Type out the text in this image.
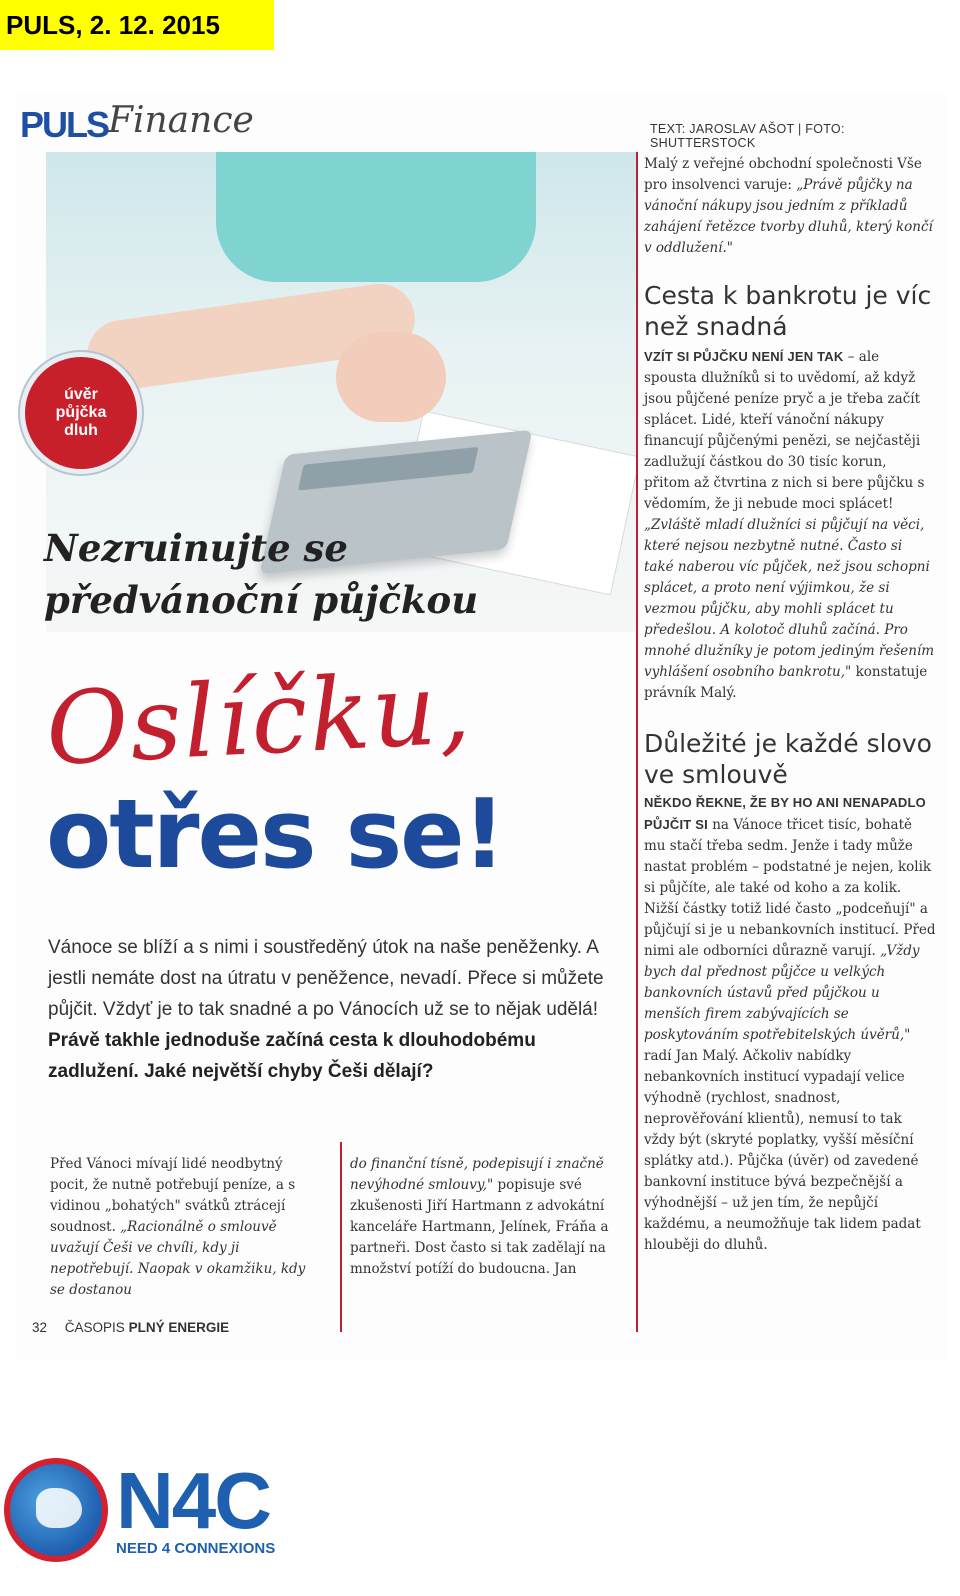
PULS, 2. 12. 2015
PULS Finance	TEXT: JAROSLAV AŠOT | FOTO: SHUTTERSTOCK
úvěr
půjčka
dluh
Nezruinujte se
předvánoční půjčkou
Oslíčku,
otřes se!
Vánoce se blíží a s nimi i soustředěný útok na naše peněženky. A jestli nemáte dost na útratu v peněžence, nevadí. Přece si můžete půjčit. Vždyť je to tak snadné a po Vánocích už se to nějak udělá! Právě takhle jednoduše začíná cesta k dlouhodobému zadlužení. Jaké největší chyby Češi dělají?
Před Vánoci mívají lidé neodbytný pocit, že nutně potřebují peníze, a s vidinou „bohatých" svátků ztrácejí soudnost. „Racionálně o smlouvě uvažují Češi ve chvíli, kdy ji nepotřebují. Naopak v okamžiku, kdy se dostanou
do finanční tísně, podepisují i značně nevýhodné smlouvy," popisuje své zkušenosti Jiří Hartmann z advokátní kanceláře Hartmann, Jelínek, Fráňa a partneři. Dost často si tak zadělají na množství potíží do budoucna. Jan
Malý z veřejné obchodní společnosti Vše pro insolvenci varuje: „Právě půjčky na vánoční nákupy jsou jedním z příkladů zahájení řetězce tvorby dluhů, který končí v oddlužení."
Cesta k bankrotu je víc než snadná
VZÍT SI PŮJČKU NENÍ JEN TAK – ale spousta dlužníků si to uvědomí, až když jsou půjčené peníze pryč a je třeba začít splácet. Lidé, kteří vánoční nákupy financují půjčenými penězi, se nejčastěji zadlužují částkou do 30 tisíc korun, přitom až čtvrtina z nich si bere půjčku s vědomím, že ji nebude moci splácet! „Zvláště mladí dlužníci si půjčují na věci, které nejsou nezbytně nutné. Často si také naberou víc půjček, než jsou schopni splácet, a proto není výjimkou, že si vezmou půjčku, aby mohli splácet tu předešlou. A kolotoč dluhů začíná. Pro mnohé dlužníky je potom jediným řešením vyhlášení osobního bankrotu," konstatuje právník Malý.
Důležité je každé slovo ve smlouvě
NĚKDO ŘEKNE, ŽE BY HO ANI NENAPADLO PŮJČIT SI na Vánoce třicet tisíc, bohatě mu stačí třeba sedm. Jenže i tady může nastat problém – podstatné je nejen, kolik si půjčíte, ale také od koho a za kolik. Nižší částky totiž lidé často „podceňují" a půjčují si je u nebankovních institucí. Před nimi ale odborníci důrazně varují. „Vždy bych dal přednost půjčce u velkých bankovních ústavů před půjčkou u menších firem zabývajících se poskytováním spotřebitelských úvěrů," radí Jan Malý. Ačkoliv nabídky nebankovních institucí vypadají velice výhodně (rychlost, snadnost, neprověřování klientů), nemusí to tak vždy být (skryté poplatky, vyšší měsíční splátky atd.). Půjčka (úvěr) od zavedené bankovní instituce bývá bezpečnější a výhodnější – už jen tím, že nepůjčí každému, a neumožňuje tak lidem padat hlouběji do dluhů.
32 ČASOPIS PLNÝ ENERGIE
N4C
NEED 4 CONNEXIONS
